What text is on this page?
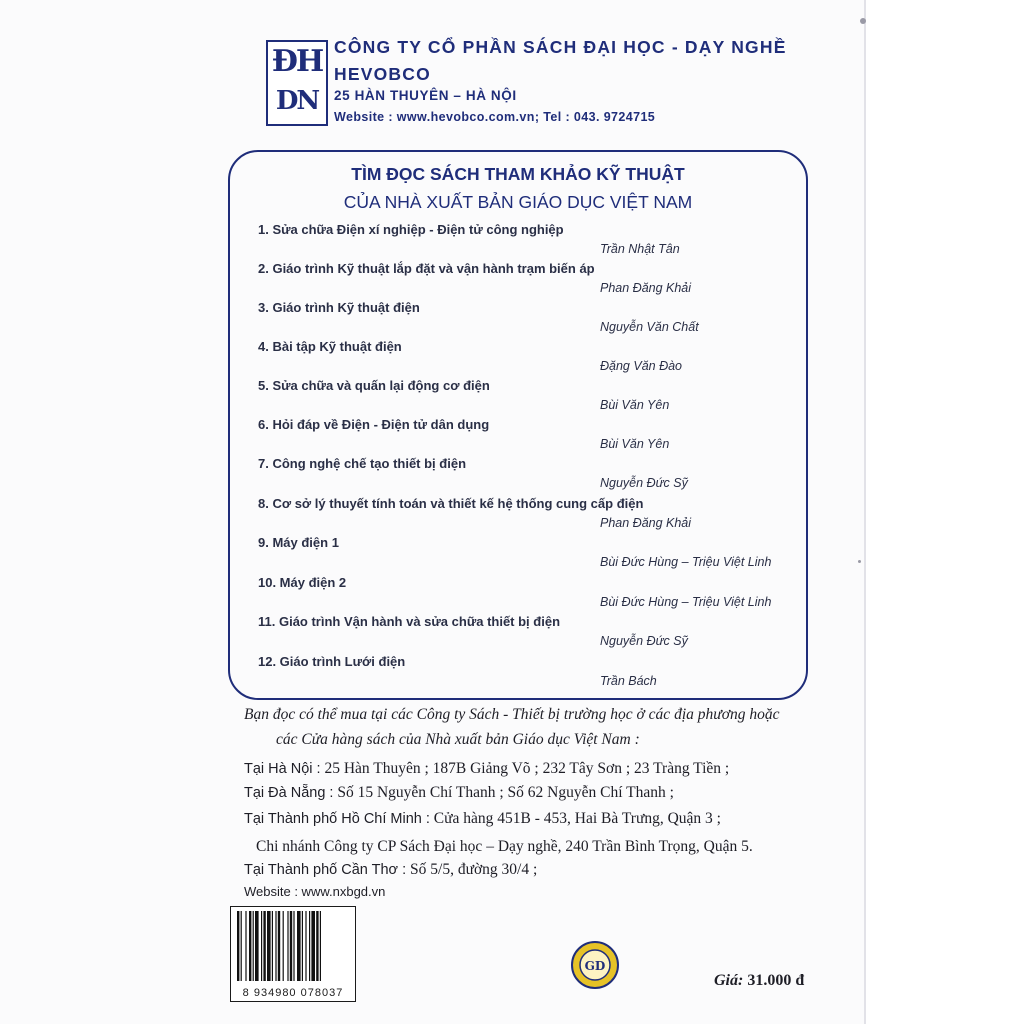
ĐH
DN
CÔNG TY CỔ PHẦN SÁCH ĐẠI HỌC - DẠY NGHỀ
HEVOBCO
25 HÀN THUYÊN – HÀ NỘI
Website : www.hevobco.com.vn; Tel : 043. 9724715
TÌM ĐỌC SÁCH THAM KHẢO KỸ THUẬT
CỦA NHÀ XUẤT BẢN GIÁO DỤC VIỆT NAM
1. Sửa chữa Điện xí nghiệp - Điện tử công nghiệp
Trần Nhật Tân
2. Giáo trình Kỹ thuật lắp đặt và vận hành trạm biến áp
Phan Đăng Khải
3. Giáo trình Kỹ thuật điện
Nguyễn Văn Chất
4. Bài tập Kỹ thuật điện
Đặng Văn Đào
5. Sửa chữa và quấn lại động cơ điện
Bùi Văn Yên
6. Hỏi đáp về Điện - Điện tử dân dụng
Bùi Văn Yên
7. Công nghệ chế tạo thiết bị điện
Nguyễn Đức Sỹ
8. Cơ sở lý thuyết tính toán và thiết kế hệ thống cung cấp điện
Phan Đăng Khải
9. Máy điện 1
Bùi Đức Hùng – Triệu Việt Linh
10. Máy điện 2
Bùi Đức Hùng – Triệu Việt Linh
11. Giáo trình Vận hành và sửa chữa thiết bị điện
Nguyễn Đức Sỹ
12. Giáo trình Lưới điện
Trần Bách
Bạn đọc có thể mua tại các Công ty Sách - Thiết bị trường học ở các địa phương hoặc
các Cửa hàng sách của Nhà xuất bản Giáo dục Việt Nam :
Tại Hà Nội : 25 Hàn Thuyên ; 187B Giảng Võ ; 232 Tây Sơn ; 23 Tràng Tiền ;
Tại Đà Nẵng : Số 15 Nguyễn Chí Thanh ; Số 62 Nguyễn Chí Thanh ;
Tại Thành phố Hồ Chí Minh : Cửa hàng 451B - 453, Hai Bà Trưng, Quận 3 ;
Chi nhánh Công ty CP Sách Đại học – Dạy nghề, 240 Trần Bình Trọng, Quận 5.
Tại Thành phố Cần Thơ : Số 5/5, đường 30/4 ;
Website : www.nxbgd.vn
8 934980 078037
GD
Giá: 31.000 đ
